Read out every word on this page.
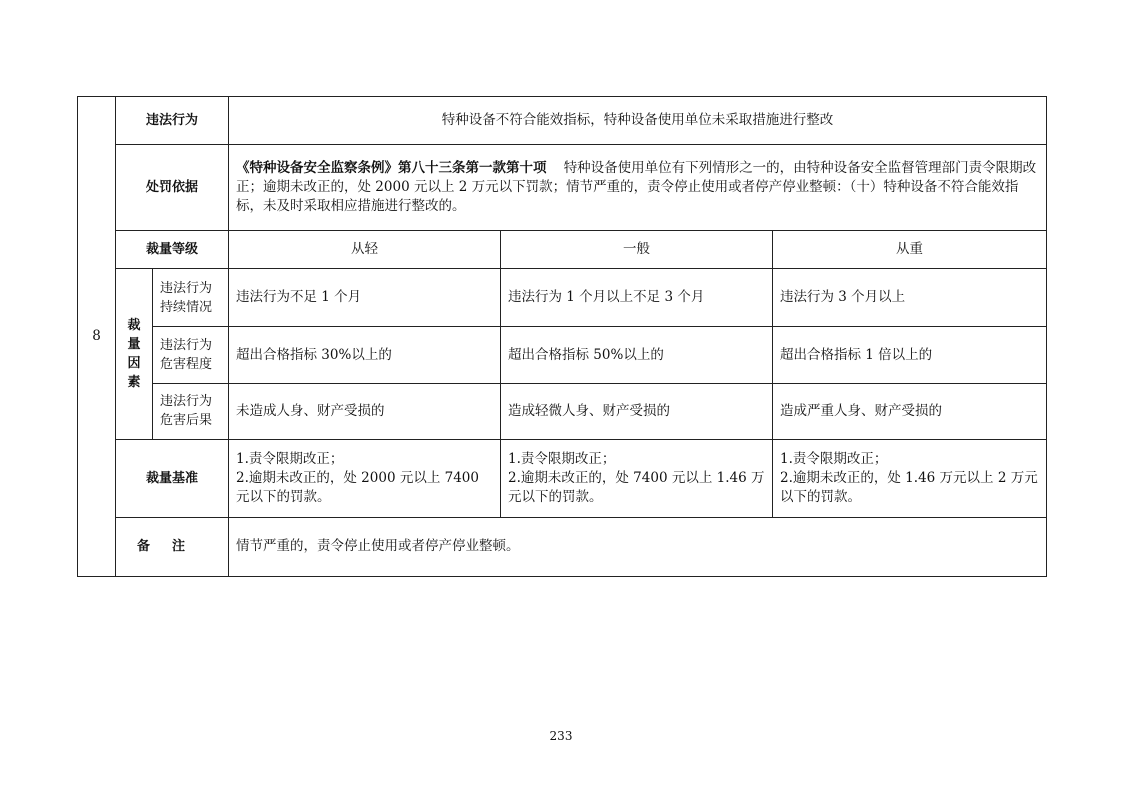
8	违法行为		特种设备不符合能效指标，特种设备使用单位未采取措施进行整改		
	处罚依据		《特种设备安全监察条例》第八十三条第一款第十项 特种设备使用单位有下列情形之一的，由特种设备安全监督管理部门责令限期改正；逾期未改正的，处 2000 元以上 2 万元以下罚款；情节严重的，责令停止使用或者停产停业整顿：（十）特种设备不符合能效指标，未及时采取相应措施进行整改的。		
	裁量等级		从轻	一般	从重

	裁
量
因
素	违法行为持续情况	违法行为不足 1 个月	违法行为 1 个月以上不足 3 个月	违法行为 3 个月以上
		违法行为危害程度	超出合格指标 30%以上的	超出合格指标 50%以上的	超出合格指标 1 倍以上的
		违法行为危害后果	未造成人身、财产受损的	造成轻微人身、财产受损的	造成严重人身、财产受损的
	裁量基准		1.责令限期改正；
2.逾期未改正的，处 2000 元以上 7400 元以下的罚款。	1.责令限期改正；
2.逾期未改正的，处 7400 元以上 1.46 万元以下的罚款。	1.责令限期改正；
2.逾期未改正的，处 1.46 万元以上 2 万元以下的罚款。
	备注		情节严重的，责令停止使用或者停产停业整顿。		
233
